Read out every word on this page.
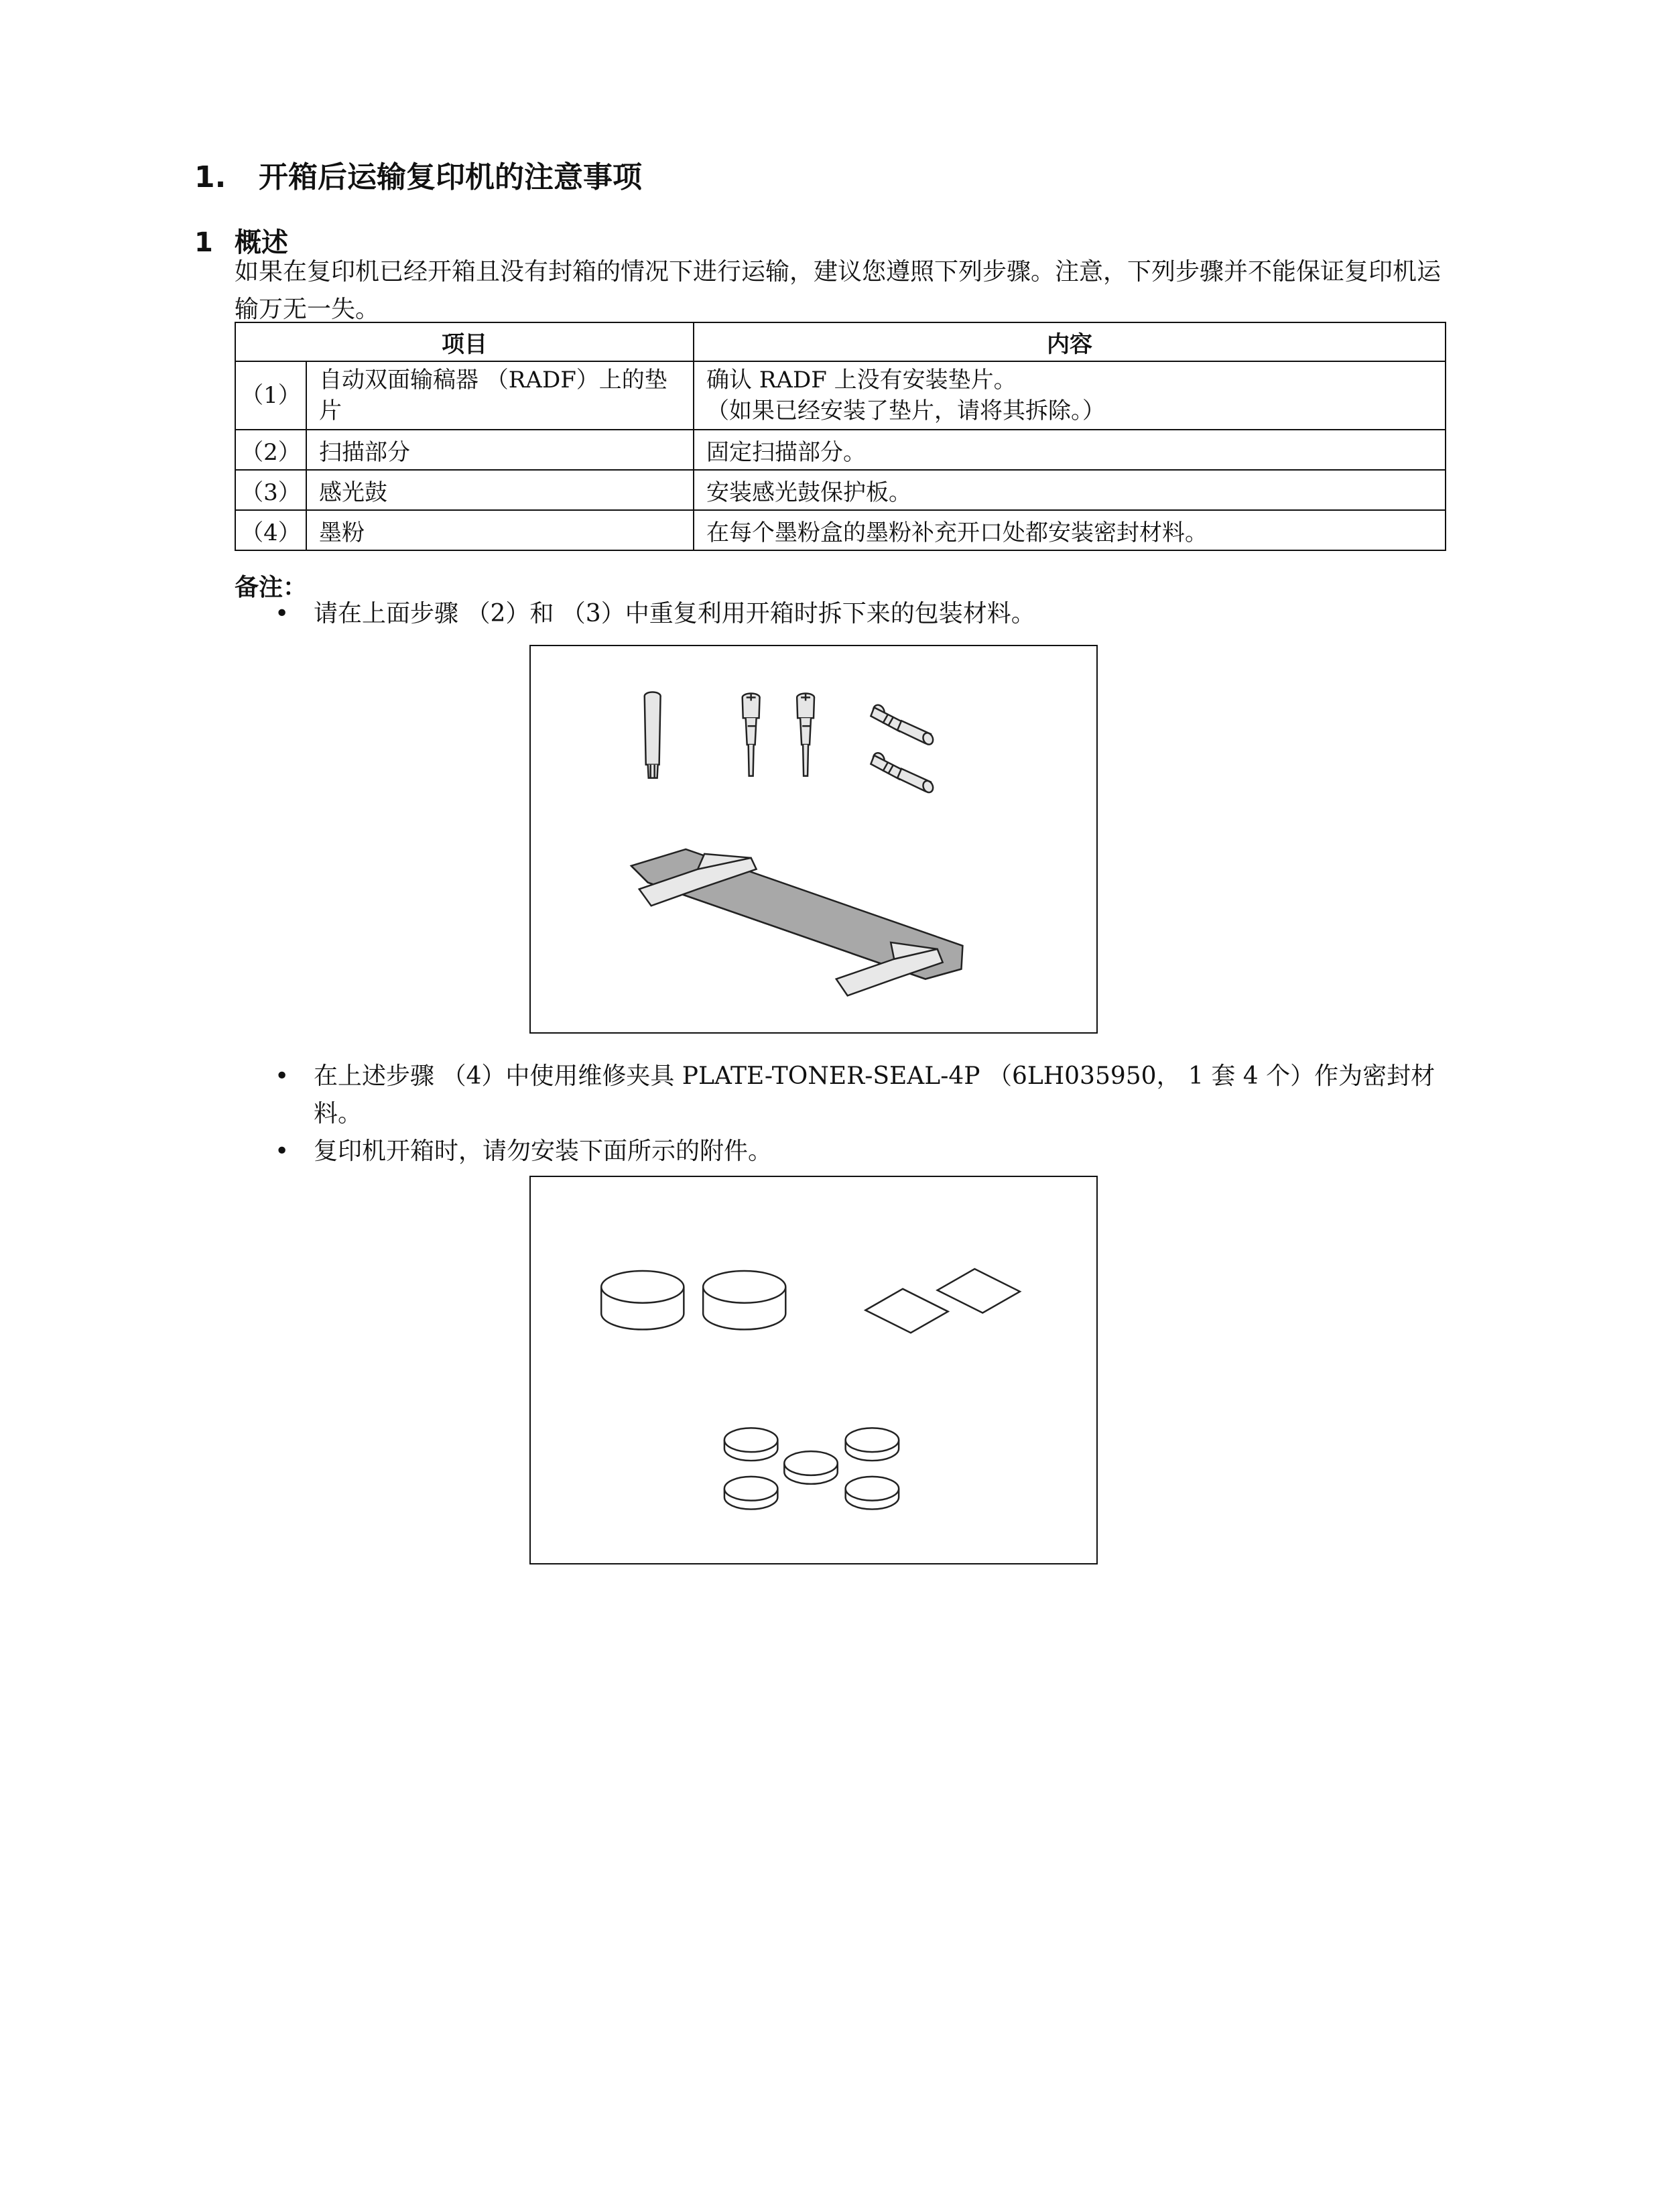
1. 开箱后运输复印机的注意事项
1 概述
如果在复印机已经开箱且没有封箱的情况下进行运输，建议您遵照下列步骤。注意，下列步骤并不能保证复印机运输万无一失。
项目		内容
（1）	自动双面输稿器 （RADF）上的垫片	确认 RADF 上没有安装垫片。
（如果已经安装了垫片，请将其拆除。）

（2）	扫描部分	固定扫描部分。
（3）	感光鼓	安装感光鼓保护板。
（4）	墨粉	在每个墨粉盒的墨粉补充开口处都安装密封材料。
备注：
• 请在上面步骤 （2）和 （3）中重复利用开箱时拆下来的包装材料。
• 在上述步骤 （4）中使用维修夹具 PLATE-TONER-SEAL-4P （6LH035950， 1 套 4 个）作为密封材料。
• 复印机开箱时，请勿安装下面所示的附件。
